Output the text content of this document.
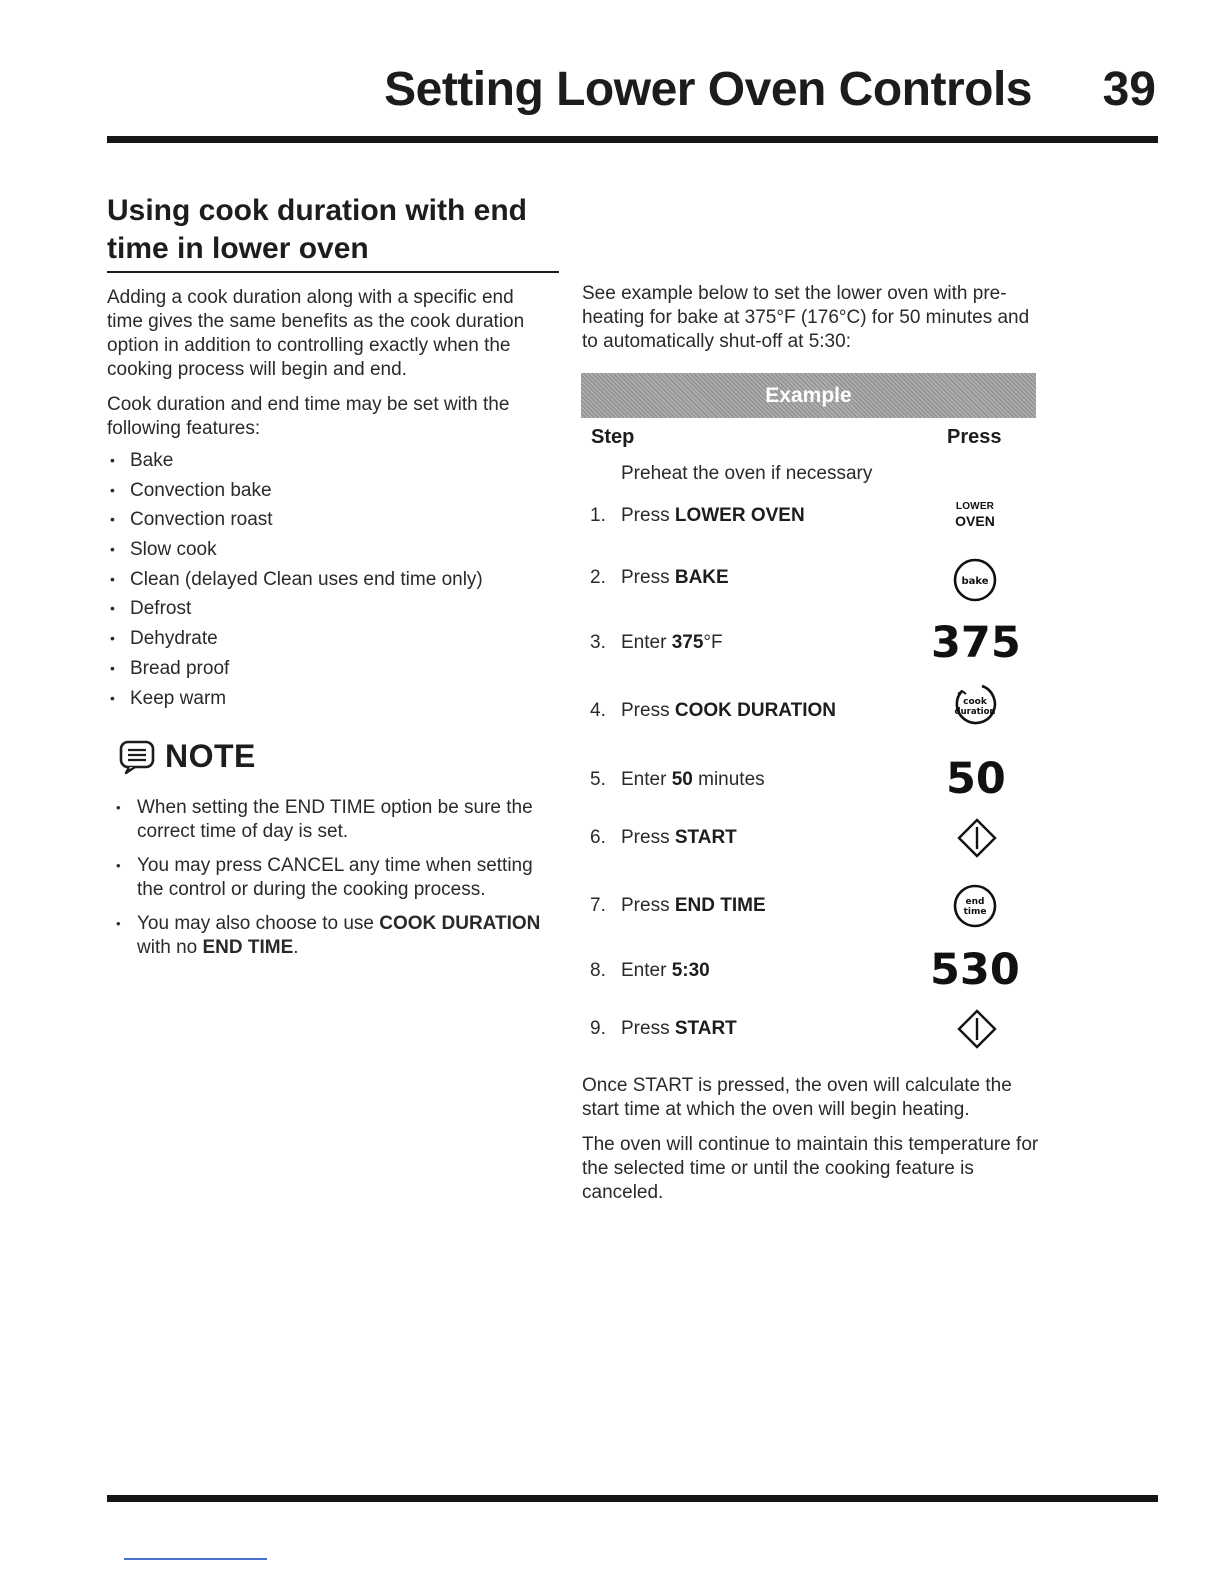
Setting Lower Oven Controls 39
Using cook duration with end
time in lower oven

Adding a cook duration along with a specific end time gives the same benefits as the cook duration option in addition to controlling exactly when the cooking process will begin and end.

Cook duration and end time may be set with the following features:

• Bake
• Convection bake
• Convection roast
• Slow cook
• Clean (delayed Clean uses end time only)
• Defrost
• Dehydrate
• Bread proof
• Keep warm
NOTE
• When setting the END TIME option be sure the correct time of day is set.
• You may press CANCEL any time when setting the control or during the cooking process.
• You may also choose to use COOK DURATION with no END TIME.
See example below to set the lower oven with pre-heating for bake at 375°F (176°C) for 50 minutes and to automatically shut-off at 5:30:
Example
Step	Press
Preheat the oven if necessary
1. Press LOWER OVEN
2. Press BAKE
3. Enter 375°F
4. Press COOK DURATION
5. Enter 50 minutes
6. Press START
7. Press END TIME
8. Enter 5:30
9. Press START
LOWER
OVEN
bake
375
cook
duration
50
end
time
530

Once START is pressed, the oven will calculate the start time at which the oven will begin heating.

The oven will continue to maintain this temperature for the selected time or until the cooking feature is canceled.
